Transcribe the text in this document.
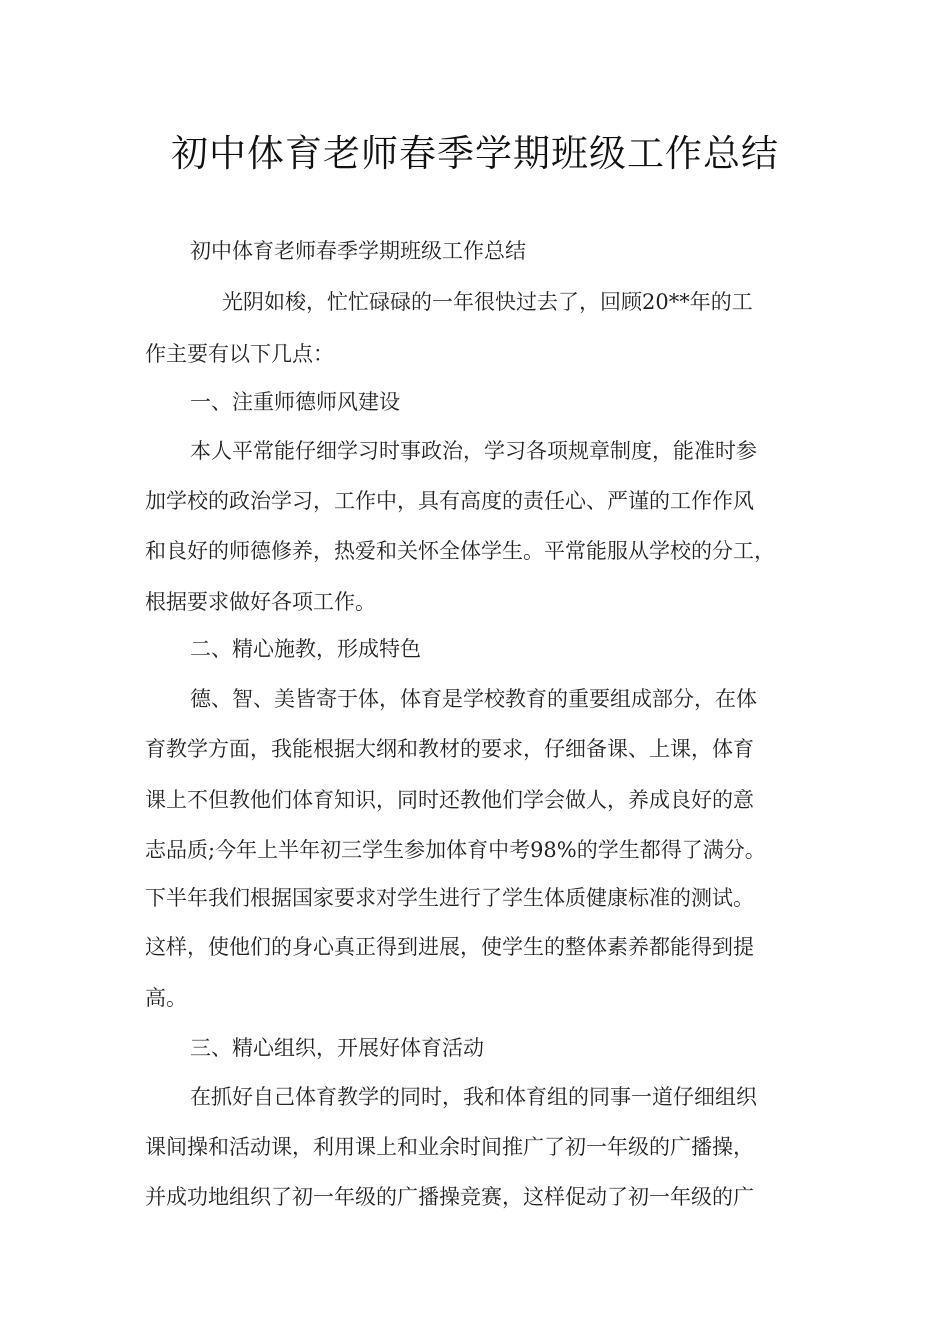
初中体育老师春季学期班级工作总结

初中体育老师春季学期班级工作总结

光阴如梭，忙忙碌碌的一年很快过去了，回顾20**年的工

作主要有以下几点：

一、注重师德师风建设

本人平常能仔细学习时事政治，学习各项规章制度，能准时参

加学校的政治学习，工作中，具有高度的责任心、严谨的工作作风

和良好的师德修养，热爱和关怀全体学生。平常能服从学校的分工，

根据要求做好各项工作。

二、精心施教，形成特色

德、智、美皆寄于体，体育是学校教育的重要组成部分，在体

育教学方面，我能根据大纲和教材的要求，仔细备课、上课，体育

课上不但教他们体育知识，同时还教他们学会做人，养成良好的意

志品质;今年上半年初三学生参加体育中考98%的学生都得了满分。

下半年我们根据国家要求对学生进行了学生体质健康标准的测试。

这样，使他们的身心真正得到进展，使学生的整体素养都能得到提

高。

三、精心组织，开展好体育活动

在抓好自己体育教学的同时，我和体育组的同事一道仔细组织

课间操和活动课，利用课上和业余时间推广了初一年级的广播操，

并成功地组织了初一年级的广播操竞赛，这样促动了初一年级的广
